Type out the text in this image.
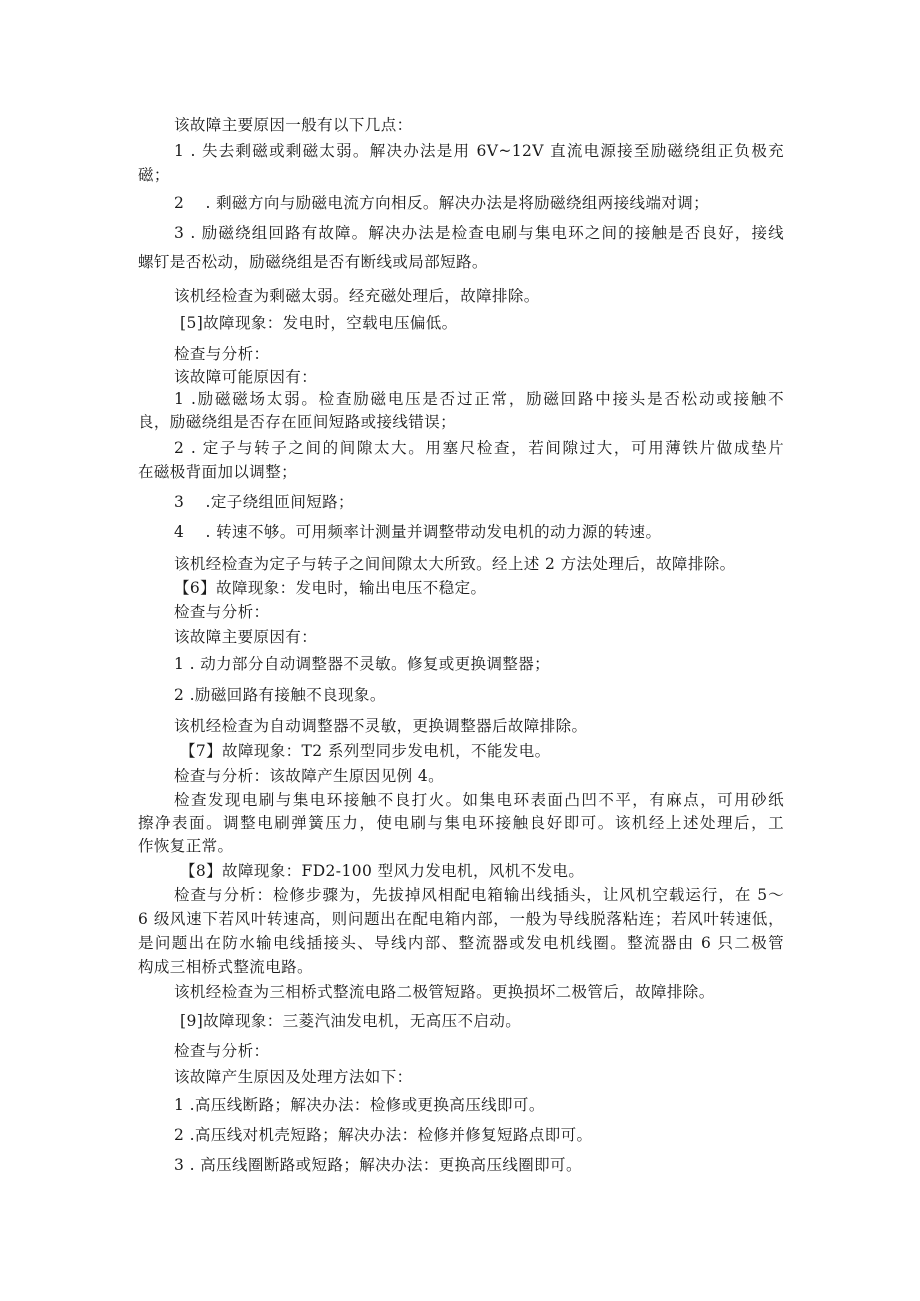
该故障主要原因一般有以下几点：
1 . 失去剩磁或剩磁太弱。解决办法是用 6V~12V 直流电源接至励磁绕组正负极充
磁；
2 　. 剩磁方向与励磁电流方向相反。解决办法是将励磁绕组两接线端对调；
3 . 励磁绕组回路有故障。解决办法是检查电刷与集电环之间的接触是否良好，接线
螺钉是否松动，励磁绕组是否有断线或局部短路。
该机经检查为剩磁太弱。经充磁处理后，故障排除。
[5]故障现象：发电时，空载电压偏低。
检查与分析：
该故障可能原因有：
1 .励磁磁场太弱。检查励磁电压是否过正常，励磁回路中接头是否松动或接触不
良，励磁绕组是否存在匝间短路或接线错误；
2 . 定子与转子之间的间隙太大。用塞尺检查，若间隙过大，可用薄铁片做成垫片
在磁极背面加以调整；
3 　.定子绕组匝间短路；
4 　. 转速不够。可用频率计测量并调整带动发电机的动力源的转速。
该机经检查为定子与转子之间间隙太大所致。经上述 2 方法处理后，故障排除。
【6】故障现象：发电时，输出电压不稳定。
检查与分析：
该故障主要原因有：
1 . 动力部分自动调整器不灵敏。修复或更换调整器；
2 .励磁回路有接触不良现象。
该机经检查为自动调整器不灵敏，更换调整器后故障排除。
【7】故障现象：T2 系列型同步发电机，不能发电。
检查与分析：该故障产生原因见例 4。
检查发现电刷与集电环接触不良打火。如集电环表面凸凹不平，有麻点，可用砂纸
擦净表面。调整电刷弹簧压力，使电刷与集电环接触良好即可。该机经上述处理后，工
作恢复正常。
【8】故障现象：FD2-100 型风力发电机，风机不发电。
检查与分析：检修步骤为，先拔掉风相配电箱输出线插头，让风机空载运行，在 5～
6 级风速下若风叶转速高，则问题出在配电箱内部，一般为导线脱落粘连；若风叶转速低，
是问题出在防水输电线插接头、导线内部、整流器或发电机线圈。整流器由 6 只二极管
构成三相桥式整流电路。
该机经检查为三相桥式整流电路二极管短路。更换损坏二极管后，故障排除。
[9]故障现象：三菱汽油发电机，无高压不启动。
检查与分析：
该故障产生原因及处理方法如下：
1 .高压线断路；解决办法：检修或更换高压线即可。
2 .高压线对机壳短路；解决办法：检修并修复短路点即可。
3 . 高压线圈断路或短路；解决办法：更换高压线圈即可。
